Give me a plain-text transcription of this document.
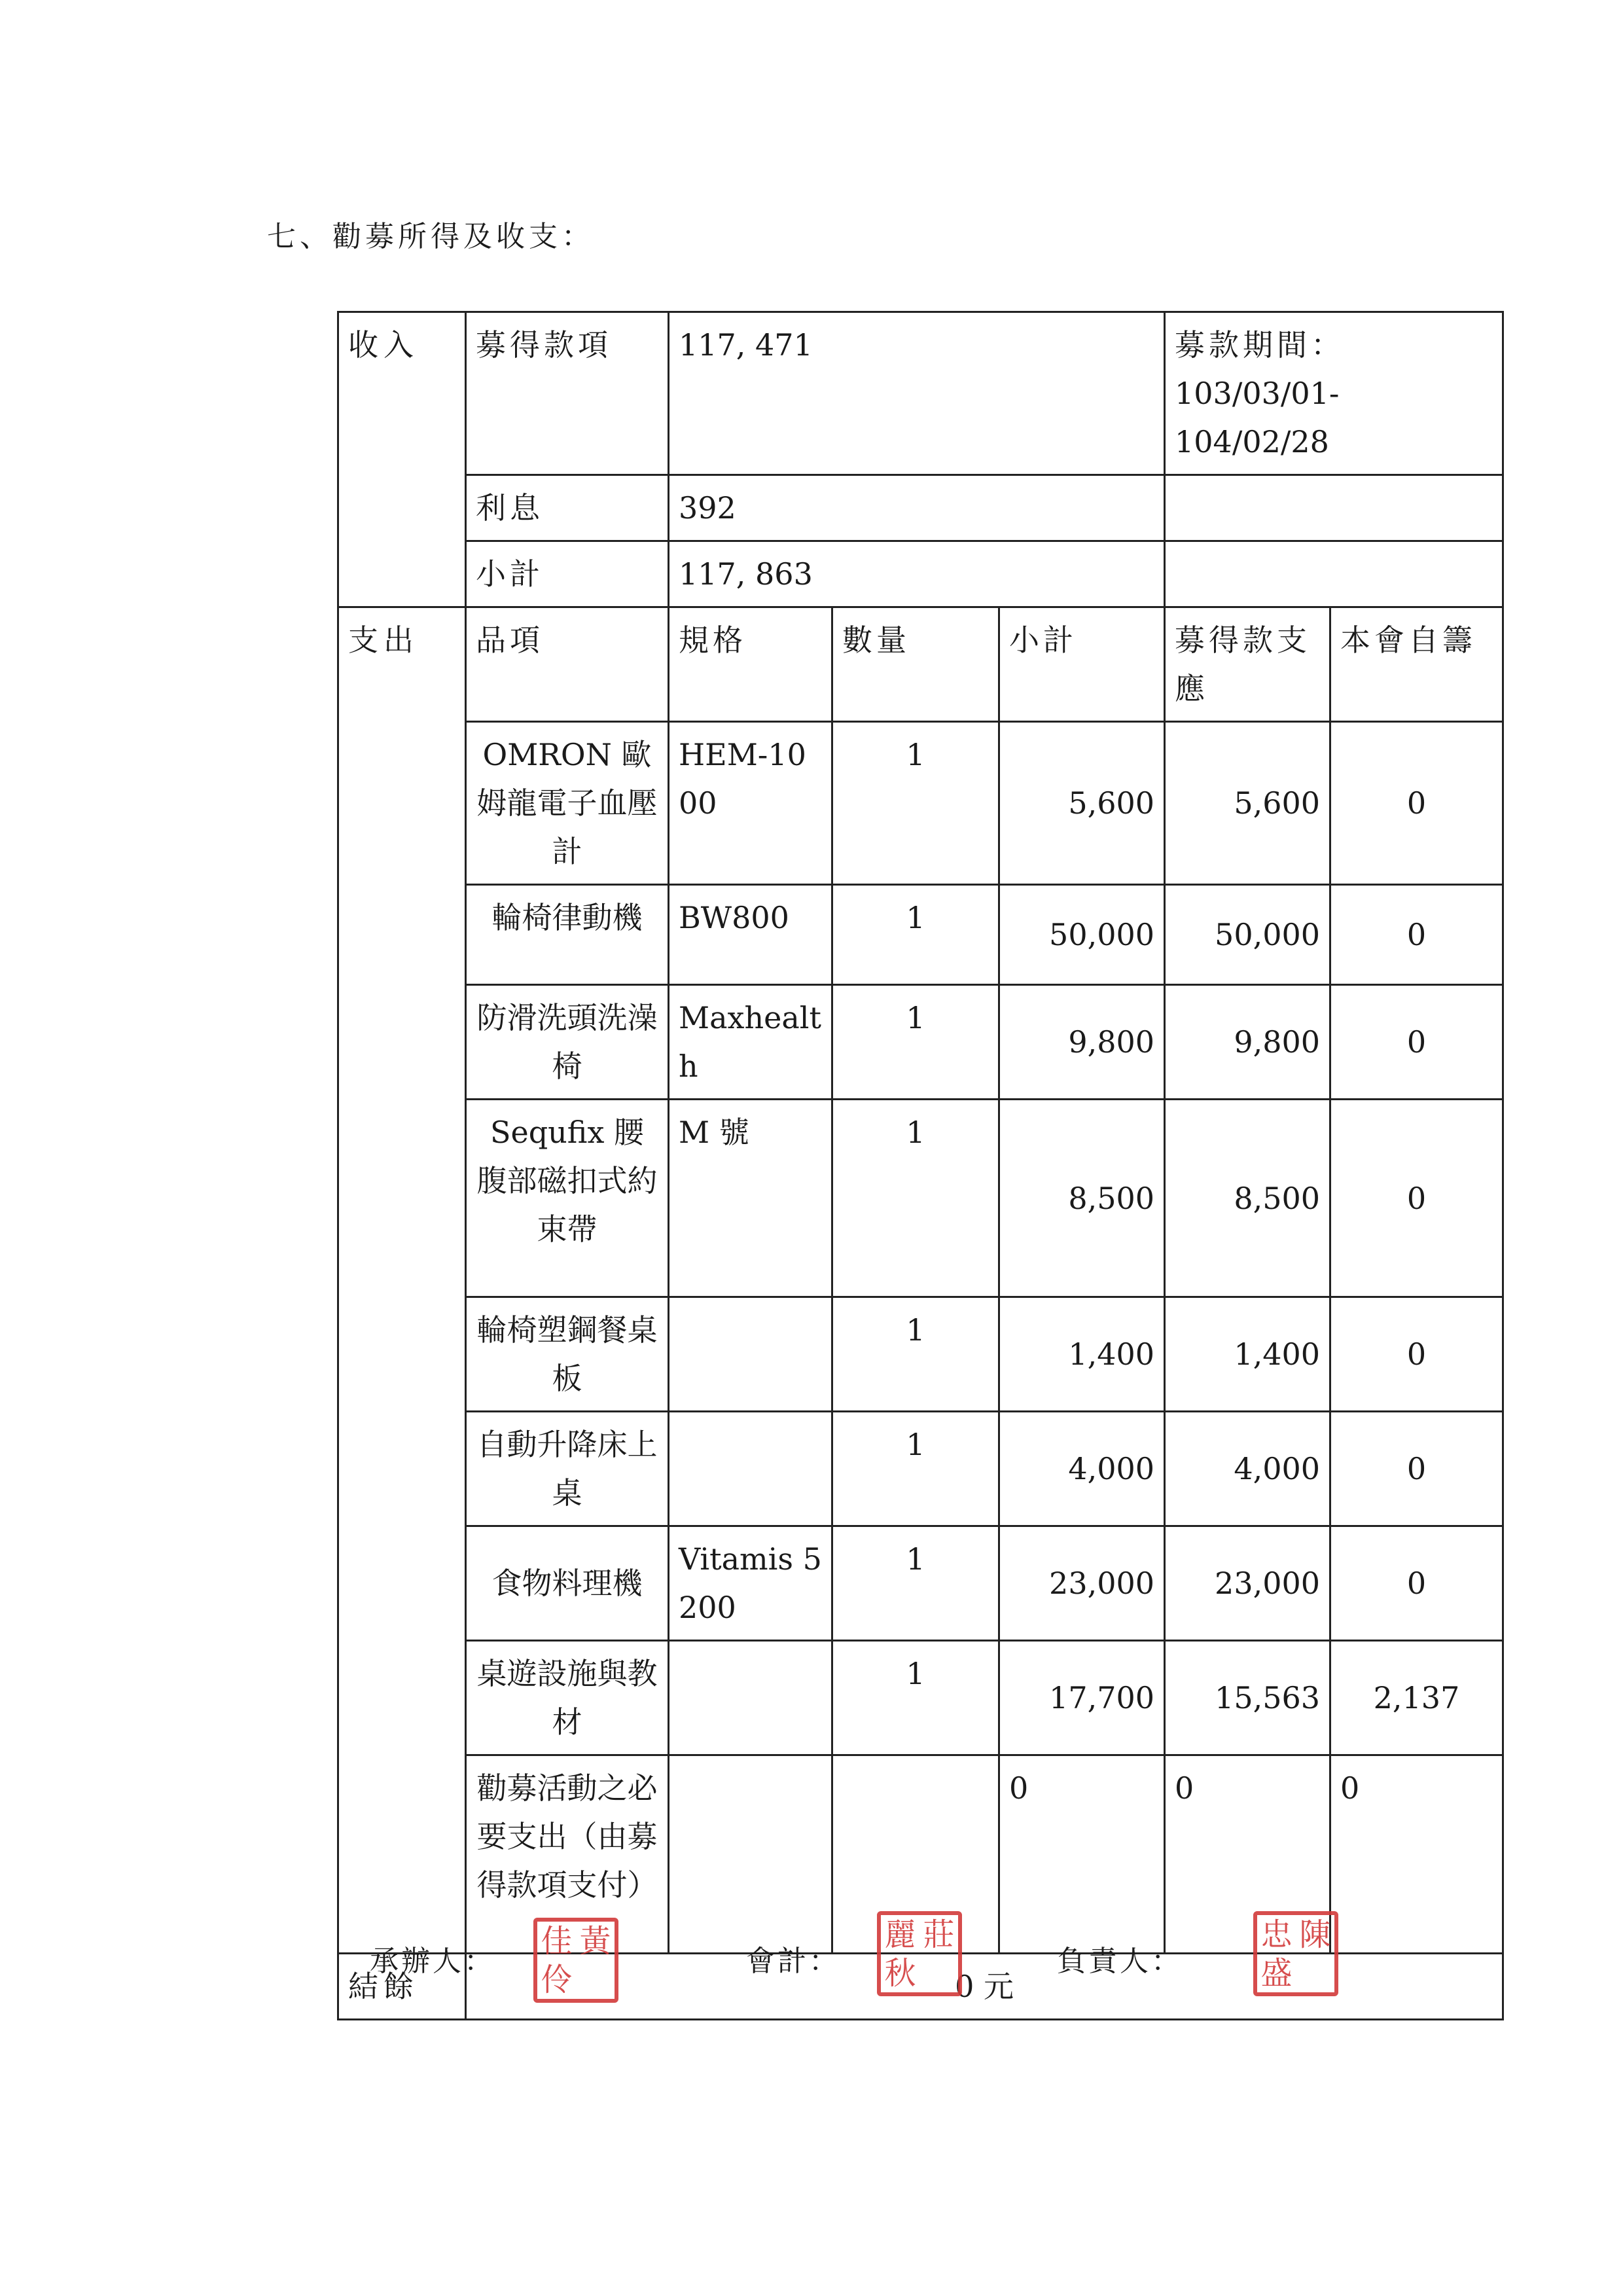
七、勸募所得及收支：
收入	募得款項	117, 471			募款期間：
103/03/01-
104/02/28	

	利息	392				
	小計	117, 863				
支出	品項	規格	數量	小計	募得款支應	本會自籌
	OMRON 歐姆龍電子血壓計	HEM-1000	1	5,600	5,600	0
	輪椅律動機	BW800	1	50,000	50,000	0
	防滑洗頭洗澡椅	Maxhealth	1	9,800	9,800	0
	Sequfix 腰腹部磁扣式約束帶	M 號	1	8,500	8,500	0
	輪椅塑鋼餐桌板		1	1,400	1,400	0
	自動升降床上桌		1	4,000	4,000	0
	食物料理機	Vitamis 5200	1	23,000	23,000	0
	桌遊設施與教材		1	17,700	15,563	2,137
	勸募活動之必要支出（由募得款項支付）			0	0	0
結餘	0 元					
承辦人：
佳 黃
伶	會計：
麗 莊
秋	負責人：
忠 陳
盛
